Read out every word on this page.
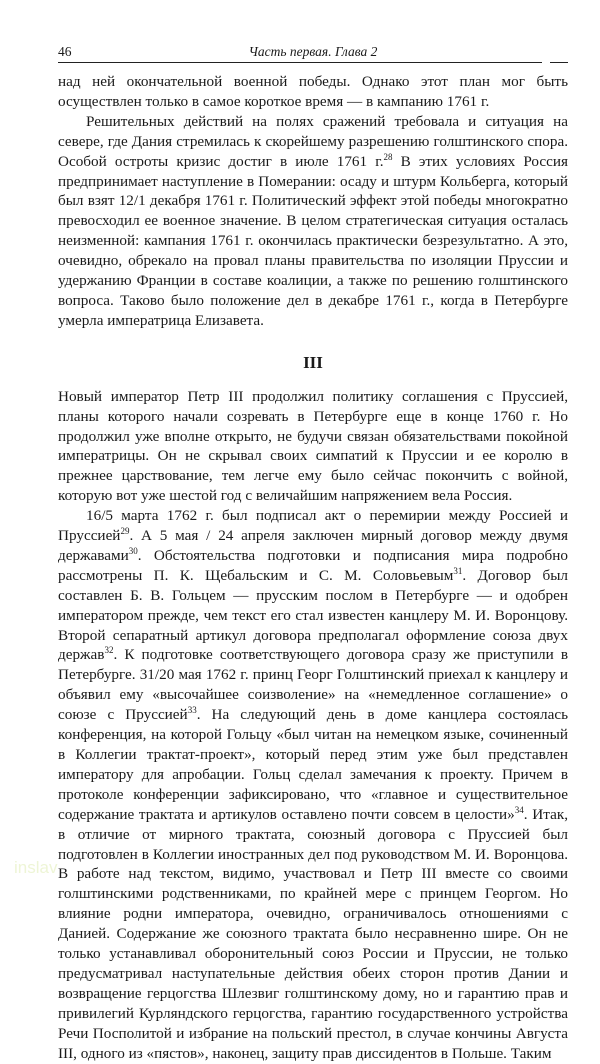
46	Часть первая. Глава 2

над ней окончательной военной победы. Однако этот план мог быть осуществлен только в самое короткое время — в кампанию 1761 г.

Решительных действий на полях сражений требовала и ситуация на севере, где Дания стремилась к скорейшему разрешению голштинского спора. Особой остроты кризис достиг в июле 1761 г.$^{28}$ В этих условиях Россия предпринимает наступление в Померании: осаду и штурм Кольберга, который был взят 12/1 декабря 1761 г. Политический эффект этой победы многократно превосходил ее военное значение. В целом стратегическая ситуация осталась неизменной: кампания 1761 г. окончилась практически безрезультатно. А это, очевидно, обрекало на провал планы правительства по изоляции Пруссии и удержанию Франции в составе коалиции, а также по решению голштинского вопроса. Таково было положение дел в декабре 1761 г., когда в Петербурге умерла императрица Елизавета.

III

Новый император Петр III продолжил политику соглашения с Пруссией, планы которого начали созревать в Петербурге еще в конце 1760 г. Но продолжил уже вполне открыто, не будучи связан обязательствами покойной императрицы. Он не скрывал своих симпатий к Пруссии и ее королю в прежнее царствование, тем легче ему было сейчас покончить с войной, которую вот уже шестой год с величайшим напряжением вела Россия.

16/5 марта 1762 г. был подписал акт о перемирии между Россией и Пруссией$^{29}$. А 5 мая / 24 апреля заключен мирный договор между двумя державами$^{30}$. Обстоятельства подготовки и подписания мира подробно рассмотрены П. К. Щебальским и С. М. Соловьевым$^{31}$. Договор был составлен Б. В. Гольцем — прусским послом в Петербурге — и одобрен императором прежде, чем текст его стал известен канцлеру М. И. Воронцову. Второй сепаратный артикул договора предполагал оформление союза двух держав$^{32}$. К подготовке соответствующего договора сразу же приступили в Петербурге. 31/20 мая 1762 г. принц Георг Голштинский приехал к канцлеру и объявил ему «высочайшее соизволение» на «немедленное соглашение» о союзе с Пруссией$^{33}$. На следующий день в доме канцлера состоялась конференция, на которой Гольцу «был читан на немецком языке, сочиненный в Коллегии трактат-проект», который перед этим уже был представлен императору для апробации. Гольц сделал замечания к проекту. Причем в протоколе конференции зафиксировано, что «главное и существительное содержание трактата и артикулов оставлено почти совсем в целости»$^{34}$. Итак, в отличие от мирного трактата, союзный договора с Пруссией был подготовлен в Коллегии иностранных дел под руководством М. И. Воронцова. В работе над текстом, видимо, участвовал и Петр III вместе со своими голштинскими родственниками, по крайней мере с принцем Георгом. Но влияние родни императора, очевидно, ограничивалось отношениями с Данией. Содержание же союзного трактата было несравненно шире. Он не только устанавливал оборонительный союз России и Пруссии, не только предусматривал наступательные действия обеих сторон против Дании и возвращение герцогства Шлезвиг голштинскому дому, но и гарантию прав и привилегий Курляндского герцогства, гарантию государственного устройства Речи Посполитой и избрание на польский престол, в случае кончины Августа III, одного из «пястов», наконец, защиту прав диссидентов в Польше. Таким

inslav
